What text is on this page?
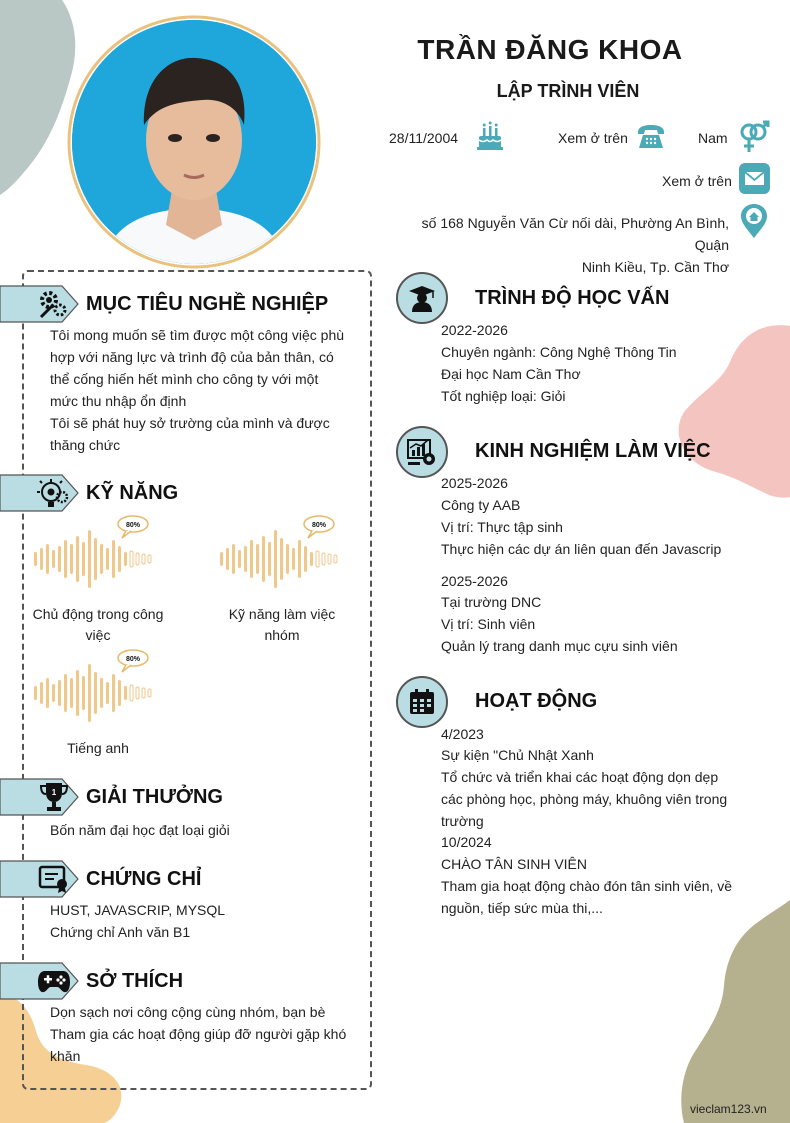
TRẦN ĐĂNG KHOA
LẬP TRÌNH VIÊN
28/11/2004	Xem ở trên	Nam
Xem ở trên
số 168 Nguyễn Văn Cừ nối dài, Phường An Bình, Quận
Ninh Kiều, Tp. Cần Thơ
MỤC TIÊU NGHỀ NGHIỆP
Tôi mong muốn sẽ tìm được một công việc phù
hợp với năng lực và trình độ của bản thân, có
thể cống hiến hết mình cho công ty với một
mức thu nhập ổn định
Tôi sẽ phát huy sở trường của mình và được
thăng chức
KỸ NĂNG
80%
Chủ động trong công
việc
80%
Kỹ năng làm việc
nhóm
80%
Tiếng anh
1 GIẢI THƯỞNG
Bốn năm đại học đạt loại giỏi
CHỨNG CHỈ
HUST, JAVASCRIP, MYSQL
Chứng chỉ Anh văn B1
SỞ THÍCH
Dọn sạch nơi công cộng cùng nhóm, bạn bè
Tham gia các hoạt động giúp đỡ người gặp khó
khăn
TRÌNH ĐỘ HỌC VẤN
2022-2026
Chuyên ngành: Công Nghệ Thông Tin
Đại học Nam Cần Thơ
Tốt nghiệp loại: Giỏi
KINH NGHIỆM LÀM VIỆC
2025-2026
Công ty AAB
Vị trí: Thực tập sinh
Thực hiện các dự án liên quan đến Javascrip
2025-2026
Tại trường DNC
Vị trí: Sinh viên
Quản lý trang danh mục cựu sinh viên
HOẠT ĐỘNG
4/2023
Sự kiện "Chủ Nhật Xanh
Tổ chức và triển khai các hoạt động dọn dẹp
các phòng học, phòng máy, khuông viên trong
trường
10/2024
CHÀO TÂN SINH VIÊN
Tham gia hoạt động chào đón tân sinh viên, về
nguồn, tiếp sức mùa thi,...
vieclam123.vn
